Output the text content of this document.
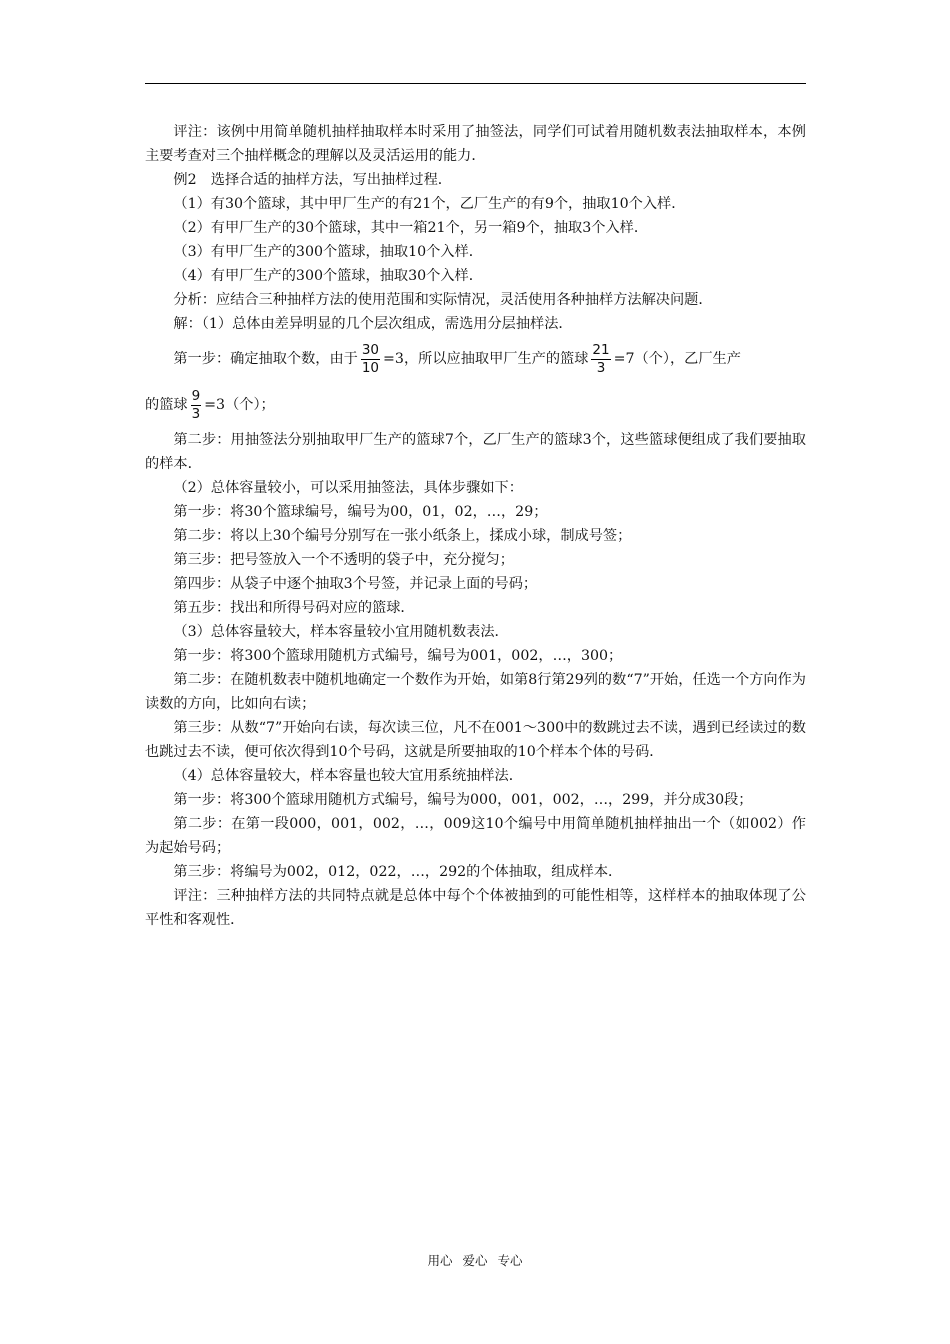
评注：该例中用简单随机抽样抽取样本时采用了抽签法，同学们可试着用随机数表法抽取样本，本例主要考查对三个抽样概念的理解以及灵活运用的能力．

例2　选择合适的抽样方法，写出抽样过程．

（1）有30个篮球，其中甲厂生产的有21个，乙厂生产的有9个，抽取10个入样．

（2）有甲厂生产的30个篮球，其中一箱21个，另一箱9个，抽取3个入样．

（3）有甲厂生产的300个篮球，抽取10个入样．

（4）有甲厂生产的300个篮球，抽取30个入样．

分析：应结合三种抽样方法的使用范围和实际情况，灵活使用各种抽样方法解决问题．

解：（1）总体由差异明显的几个层次组成，需选用分层抽样法．

第一步：确定抽取个数，由于 $\frac{30}{10} =3$，所以应抽取甲厂生产的篮球 $\frac{21}{3} =7$（个），乙厂生产

的篮球 $\frac{9}{3} =3$（个）；

第二步：用抽签法分别抽取甲厂生产的篮球7个，乙厂生产的篮球3个，这些篮球便组成了我们要抽取的样本．

（2）总体容量较小，可以采用抽签法，具体步骤如下：

第一步：将30个篮球编号，编号为00，01，02，…，29；

第二步：将以上30个编号分别写在一张小纸条上，揉成小球，制成号签；

第三步：把号签放入一个不透明的袋子中，充分搅匀；

第四步：从袋子中逐个抽取3个号签，并记录上面的号码；

第五步：找出和所得号码对应的篮球．

（3）总体容量较大，样本容量较小宜用随机数表法．

第一步：将300个篮球用随机方式编号，编号为001，002，…，300；

第二步：在随机数表中随机地确定一个数作为开始，如第8行第29列的数“7”开始，任选一个方向作为读数的方向，比如向右读；

第三步：从数“7”开始向右读，每次读三位，凡不在001～300中的数跳过去不读，遇到已经读过的数也跳过去不读，便可依次得到10个号码，这就是所要抽取的10个样本个体的号码．

（4）总体容量较大，样本容量也较大宜用系统抽样法．

第一步：将300个篮球用随机方式编号，编号为000，001，002，…，299，并分成30段；

第二步：在第一段000，001，002，…，009这10个编号中用简单随机抽样抽出一个（如002）作为起始号码；

第三步：将编号为002，012，022，…，292的个体抽取，组成样本．

评注：三种抽样方法的共同特点就是总体中每个个体被抽到的可能性相等，这样样本的抽取体现了公平性和客观性．

用心 爱心 专心
